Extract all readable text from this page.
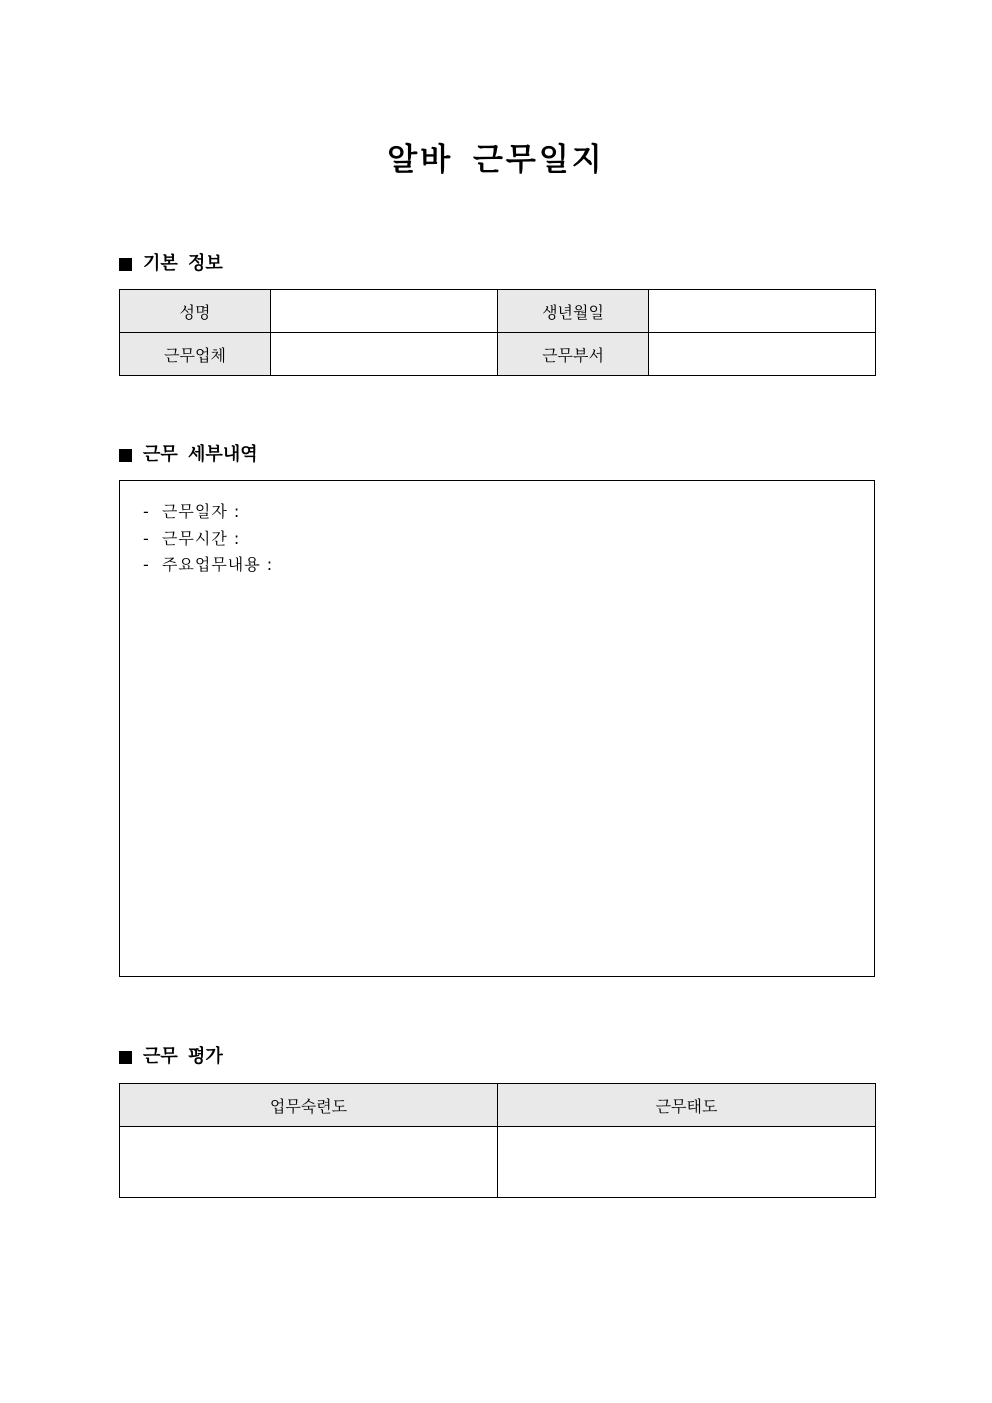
알바 근무일지
기본 정보
성명		생년월일	
근무업체		근무부서	
근무 세부내역
-  근무일자 :
-  근무시간 :
-  주요업무내용 :
근무 평가
업무숙련도	근무태도
